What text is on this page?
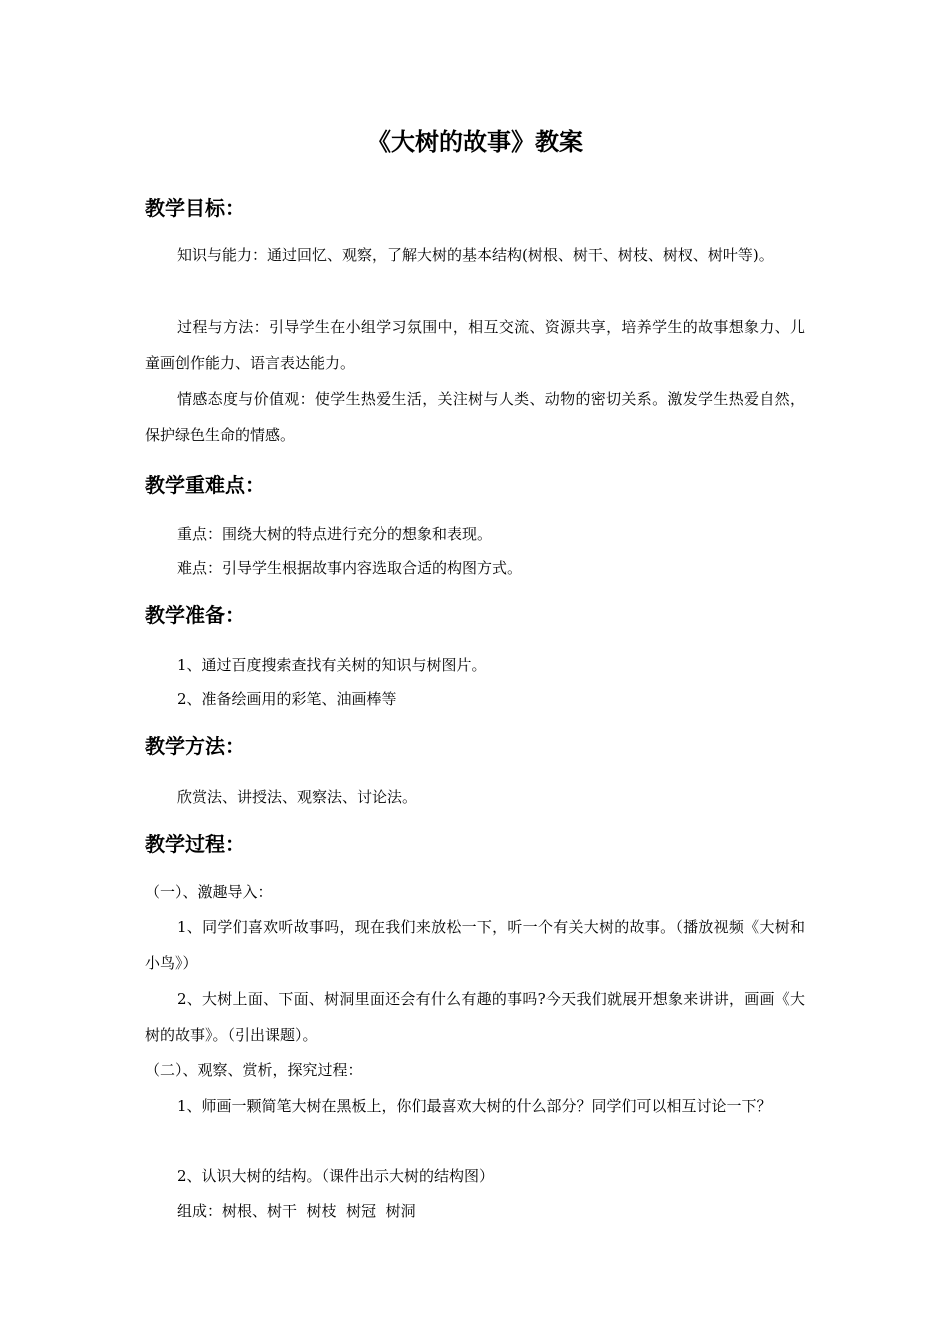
《大树的故事》教案
教学目标：

知识与能力：通过回忆、观察，了解大树的基本结构(树根、树干、树枝、树杈、树叶等)。

过程与方法：引导学生在小组学习氛围中，相互交流、资源共享，培养学生的故事想象力、儿童画创作能力、语言表达能力。

情感态度与价值观：使学生热爱生活，关注树与人类、动物的密切关系。激发学生热爱自然，保护绿色生命的情感。

教学重难点：

重点：围绕大树的特点进行充分的想象和表现。

难点：引导学生根据故事内容选取合适的构图方式。

教学准备：

1、通过百度搜索查找有关树的知识与树图片。

2、准备绘画用的彩笔、油画棒等

教学方法：

欣赏法、讲授法、观察法、讨论法。

教学过程：

（一）、激趣导入：

1、同学们喜欢听故事吗，现在我们来放松一下，听一个有关大树的故事。（播放视频《大树和小鸟》）

2、大树上面、下面、树洞里面还会有什么有趣的事吗?今天我们就展开想象来讲讲，画画《大树的故事》。（引出课题）。

（二）、观察、赏析，探究过程：

1、师画一颗简笔大树在黑板上，你们最喜欢大树的什么部分？同学们可以相互讨论一下？

2、认识大树的结构。（课件出示大树的结构图）

组成：树根、树干  树枝  树冠  树洞
